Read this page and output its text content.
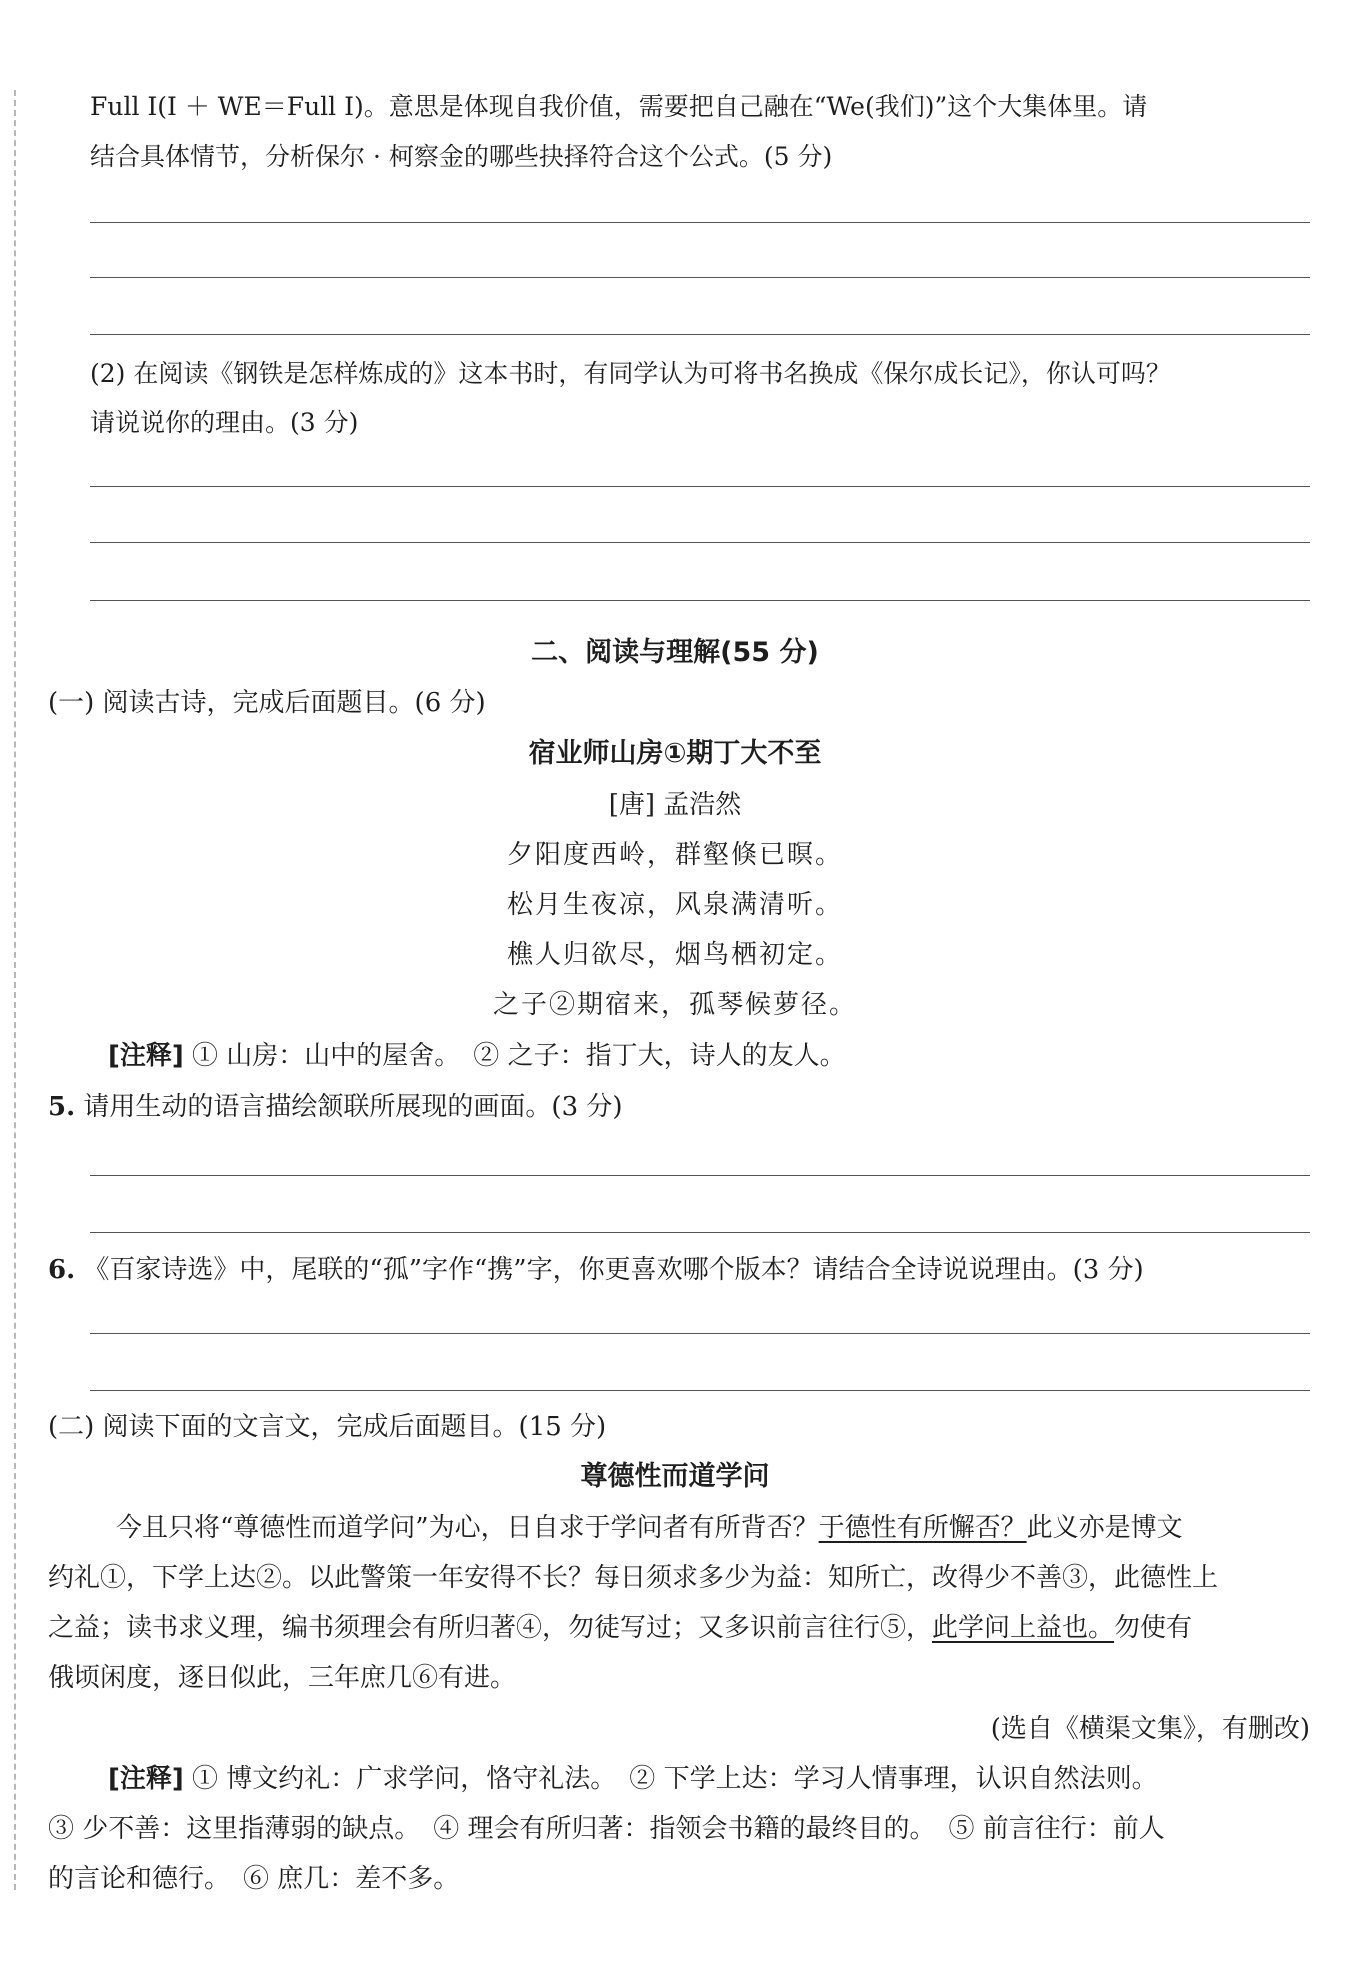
Full I(I ＋ WE＝Full I)。意思是体现自我价值，需要把自己融在“We(我们)”这个大集体里。请
结合具体情节，分析保尔 · 柯察金的哪些抉择符合这个公式。(5 分)
(2) 在阅读《钢铁是怎样炼成的》这本书时，有同学认为可将书名换成《保尔成长记》，你认可吗？
请说说你的理由。(3 分)
二、阅读与理解(55 分)
(一) 阅读古诗，完成后面题目。(6 分)
宿业师山房①期丁大不至
[唐] 孟浩然
夕阳度西岭，群壑倏已暝。
松月生夜凉，风泉满清听。
樵人归欲尽，烟鸟栖初定。
之子②期宿来，孤琴候萝径。
[注释] ① 山房：山中的屋舍。　② 之子：指丁大，诗人的友人。
5. 请用生动的语言描绘颔联所展现的画面。(3 分)
6. 《百家诗选》中，尾联的“孤”字作“携”字，你更喜欢哪个版本？请结合全诗说说理由。(3 分)
(二) 阅读下面的文言文，完成后面题目。(15 分)
尊德性而道学问
　今且只将“尊德性而道学问”为心，日自求于学问者有所背否？于德性有所懈否？此义亦是博文
约礼①，下学上达②。以此警策一年安得不长？每日须求多少为益：知所亡，改得少不善③，此德性上
之益；读书求义理，编书须理会有所归著④，勿徒写过；又多识前言往行⑤，此学问上益也。勿使有
俄顷闲度，逐日似此，三年庶几⑥有进。
(选自《横渠文集》，有删改)
[注释] ① 博文约礼：广求学问，恪守礼法。　② 下学上达：学习人情事理，认识自然法则。
③ 少不善：这里指薄弱的缺点。　④ 理会有所归著：指领会书籍的最终目的。　⑤ 前言往行：前人
的言论和德行。　⑥ 庶几：差不多。
